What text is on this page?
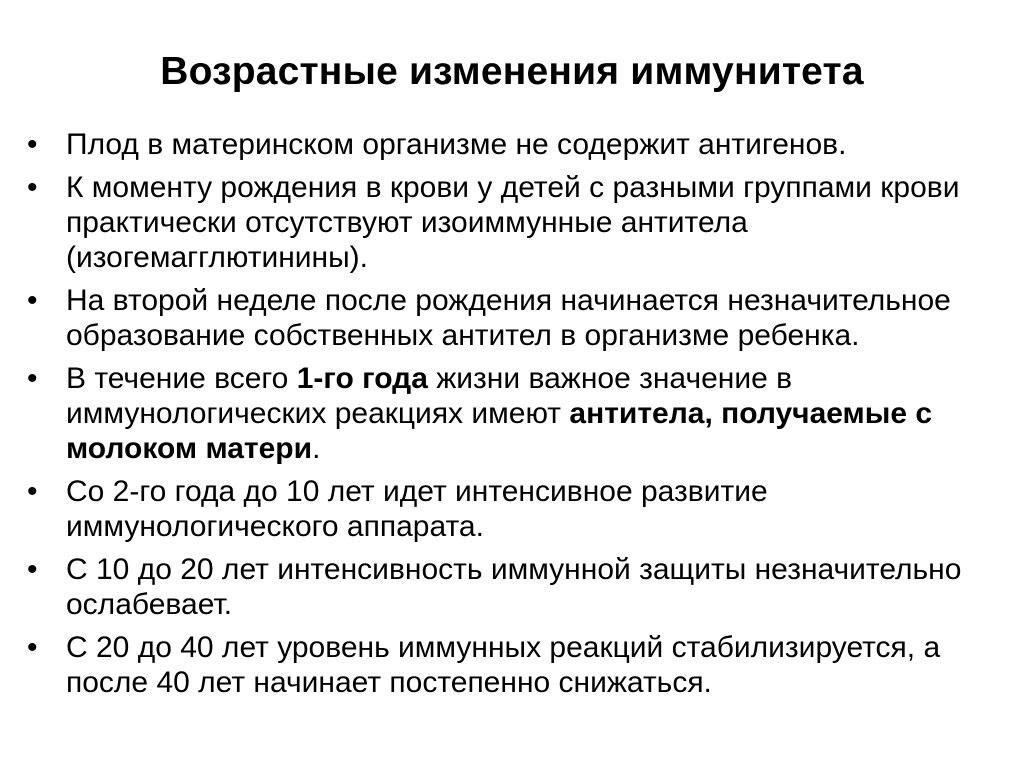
Возрастные изменения иммунитета
• Плод в материнском организме не содержит антигенов.
• К моменту рождения в крови у детей с разными группами крови практически отсутствуют изоиммунные антитела (изогемагглютинины).
• На второй неделе после рождения начинается незначительное образование собственных антител в организме ребенка.
• В течение всего 1-го года жизни важное значение в иммунологических реакциях имеют антитела, получаемые с молоком матери.
• Со 2-го года до 10 лет идет интенсивное развитие иммунологического аппарата.
• С 10 до 20 лет интенсивность иммунной защиты незначительно ослабевает.
• С 20 до 40 лет уровень иммунных реакций стабилизируется, а после 40 лет начинает постепенно снижаться.
